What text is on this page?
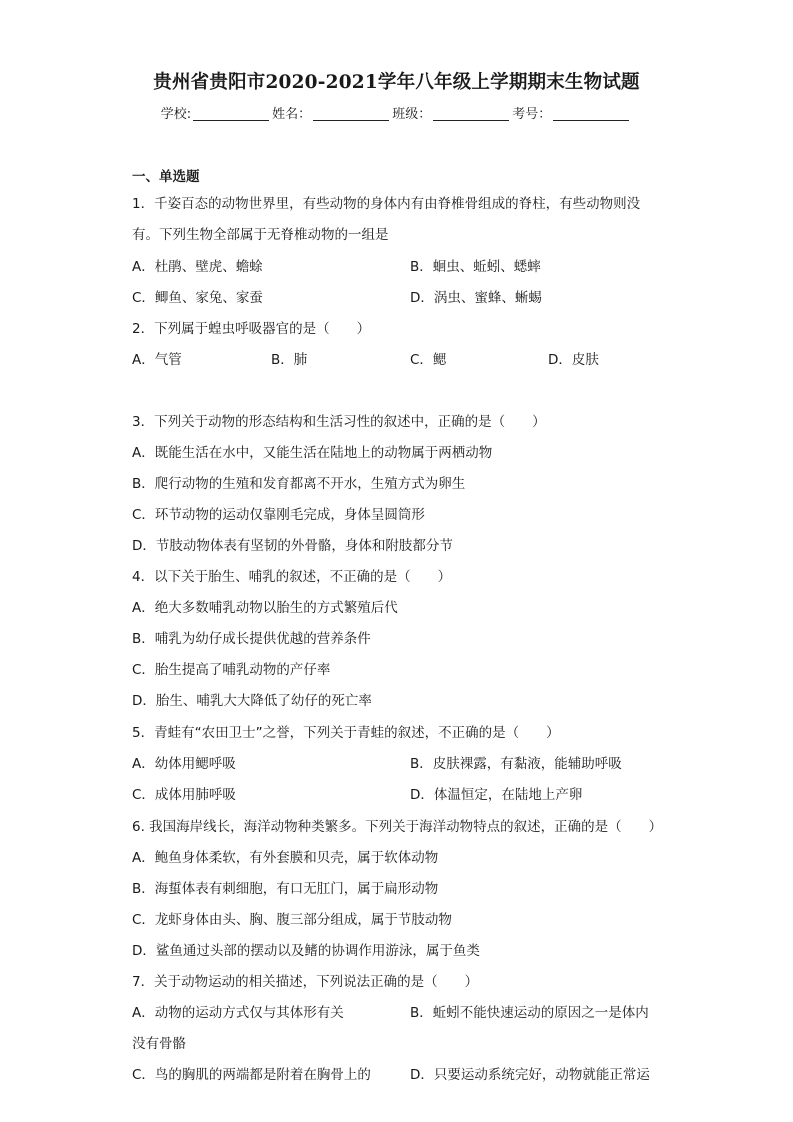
贵州省贵阳市2020-2021学年八年级上学期期末生物试题
学校:	姓名：	班级：	考号：
一、单选题
1．千姿百态的动物世界里，有些动物的身体内有由脊椎骨组成的脊柱，有些动物则没
有。下列生物全部属于无脊椎动物的一组是
A．杜鹃、壁虎、蟾蜍	B．蛔虫、蚯蚓、蟋蟀
C．鲫鱼、家兔、家蚕	D．涡虫、蜜蜂、蜥蜴
2．下列属于蝗虫呼吸器官的是（　　）
A．气管	B．肺	C．鳃	D．皮肤
3．下列关于动物的形态结构和生活习性的叙述中，正确的是（　　）
A．既能生活在水中，又能生活在陆地上的动物属于两栖动物
B．爬行动物的生殖和发育都离不开水，生殖方式为卵生
C．环节动物的运动仅靠刚毛完成，身体呈圆筒形
D．节肢动物体表有坚韧的外骨骼，身体和附肢都分节
4．以下关于胎生、哺乳的叙述，不正确的是（　　）
A．绝大多数哺乳动物以胎生的方式繁殖后代
B．哺乳为幼仔成长提供优越的营养条件
C．胎生提高了哺乳动物的产仔率
D．胎生、哺乳大大降低了幼仔的死亡率
5．青蛙有“农田卫士”之誉，下列关于青蛙的叙述，不正确的是（　　）
A．幼体用鳃呼吸	B．皮肤裸露，有黏液，能辅助呼吸
C．成体用肺呼吸	D．体温恒定，在陆地上产卵
6. 我国海岸线长，海洋动物种类繁多。下列关于海洋动物特点的叙述，正确的是（　　）
A．鲍鱼身体柔软，有外套膜和贝壳，属于软体动物
B．海蜇体表有刺细胞，有口无肛门，属于扁形动物
C．龙虾身体由头、胸、腹三部分组成，属于节肢动物
D．鲨鱼通过头部的摆动以及鳍的协调作用游泳，属于鱼类
7．关于动物运动的相关描述，下列说法正确的是（　　）
A．动物的运动方式仅与其体形有关	B．蚯蚓不能快速运动的原因之一是体内
没有骨骼
C．鸟的胸肌的两端都是附着在胸骨上的	D．只要运动系统完好，动物就能正常运
